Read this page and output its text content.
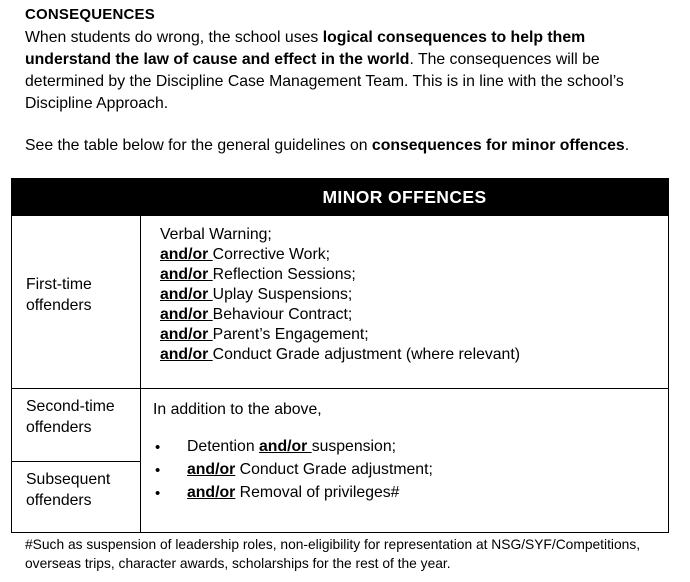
CONSEQUENCES
When students do wrong, the school uses logical consequences to help them understand the law of cause and effect in the world. The consequences will be determined by the Discipline Case Management Team. This is in line with the school’s Discipline Approach.
See the table below for the general guidelines on consequences for minor offences.
MINOR OFFENCES
First-time offenders
Second-time offenders
Subsequent offenders
Verbal Warning;
and/or Corrective Work;
and/or Reflection Sessions;
and/or Uplay Suspensions;
and/or Behaviour Contract;
and/or Parent’s Engagement;
and/or Conduct Grade adjustment (where relevant)
In addition to the above,
• Detention and/or suspension;
• and/or Conduct Grade adjustment;
• and/or Removal of privileges#
#Such as suspension of leadership roles, non-eligibility for representation at NSG/SYF/Competitions, overseas trips, character awards, scholarships for the rest of the year.
